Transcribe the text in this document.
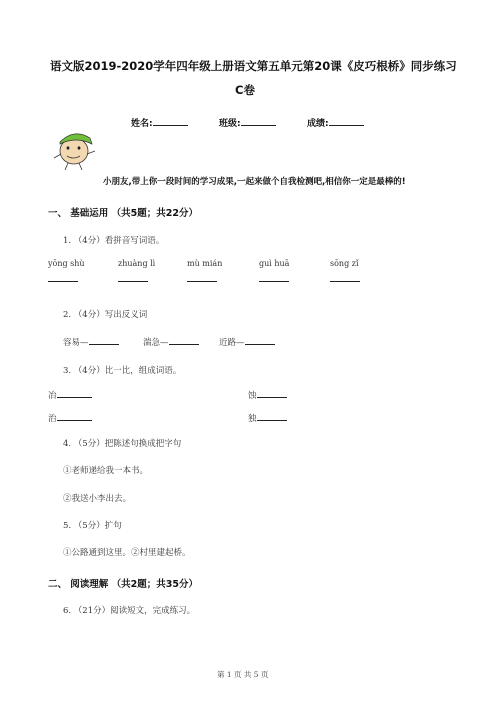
语文版2019-2020学年四年级上册语文第五单元第20课《皮巧根桥》同步练习
C卷
姓名:	班级:	成绩:
小朋友,带上你一段时间的学习成果,一起来做个自我检测吧,相信你一定是最棒的!
一、 基础运用 （共5题；共22分）
1. （4分）看拼音写词语。
yōng shù	zhuàng lì	mù mián	guì huā	sōng zǐ
2. （4分）写出反义词
容易—	湍急—	近路—
3. （4分）比一比，组成词语。
冶	蚀
治	独
4. （5分）把陈述句换成把字句
①老师递给我一本书。
②我送小李出去。
5. （5分）扩句
①公路通到这里。②村里建起桥。
二、 阅读理解 （共2题；共35分）
6. （21分）阅读短文，完成练习。
第 1 页 共 5 页
